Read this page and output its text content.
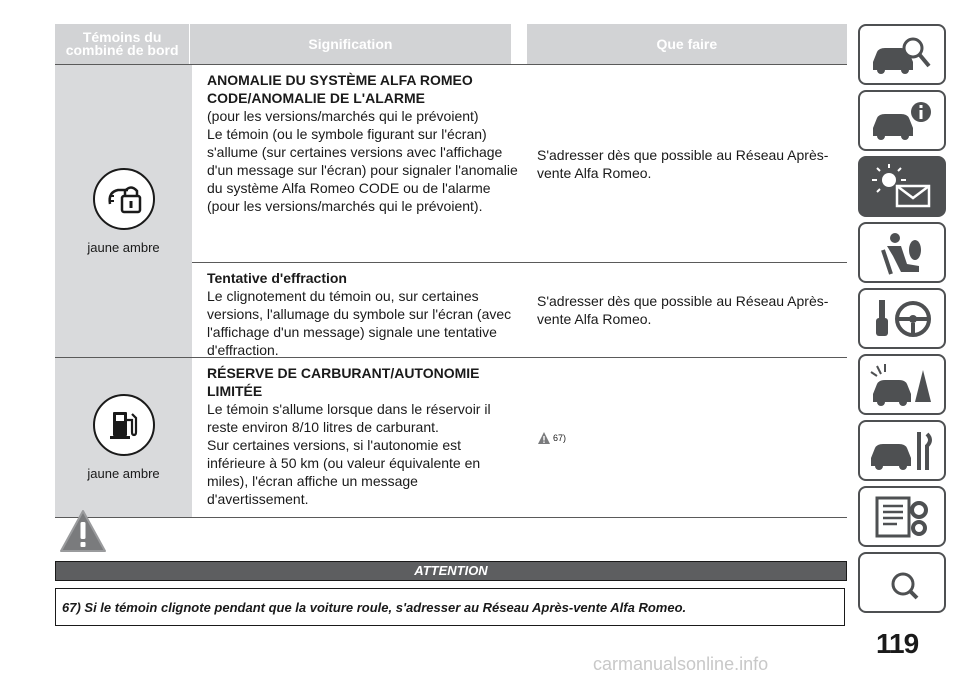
Témoins du
combiné de bord	Signification	Que faire
jaune ambre
ANOMALIE DU SYSTÈME ALFA ROMEO CODE/ANOMALIE DE L'ALARME
(pour les versions/marchés qui le prévoient)
Le témoin (ou le symbole figurant sur l'écran) s'allume (sur certaines versions avec l'affichage d'un message sur l'écran) pour signaler l'anomalie du système Alfa Romeo CODE ou de l'alarme (pour les versions/marchés qui le prévoient).
S'adresser dès que possible au Réseau Après-vente Alfa Romeo.
Tentative d'effraction
Le clignotement du témoin ou, sur certaines versions, l'allumage du symbole sur l'écran (avec l'affichage d'un message) signale une tentative d'effraction.
S'adresser dès que possible au Réseau Après-vente Alfa Romeo.
jaune ambre
RÉSERVE DE CARBURANT/AUTONOMIE LIMITÉE
Le témoin s'allume lorsque dans le réservoir il reste environ 8/10 litres de carburant.
Sur certaines versions, si l'autonomie est inférieure à 50 km (ou valeur équivalente en miles), l'écran affiche un message d'avertissement.
67)
ATTENTION
67) Si le témoin clignote pendant que la voiture roule, s'adresser au Réseau Après-vente Alfa Romeo.
119
carmanualsonline.info
